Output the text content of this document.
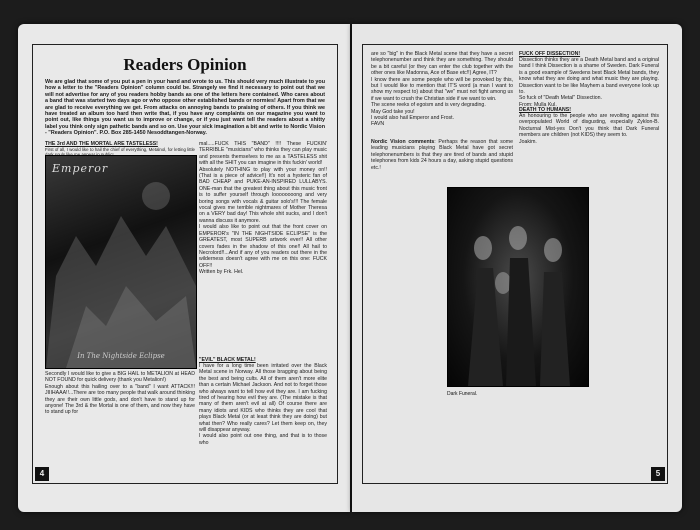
Readers Opinion
We are glad that some of you put a pen in your hand and wrote to us. This should very much illustrate to you how a letter to the "Readers Opinion" column could be. Strangely we find it necessary to point out that we will not advertise for any of you readers hobby bands as one of the letters here contained. Who cares about a band that was started two days ago or who oppose other established bands or normies! Apart from that we are glad to receive everything we get. From attacks on annoying bands to praising of others. If you think we have treated an album too hard then write that, if you have any complaints on our magazine you want to point out, like things you want us to improve or change, or if you just want tell the readers about a shitty label you think only sign pathetic bands and so on. Use your sick imagination a bit and write to Nordic Vision - "Readers Opinion". P.O. Box 285-1450 Nesoddtangen-Norway.
THE 3rd AND THE MORTAL ARE TASTELESS!
First of all, I would like to hail the chief of everything, Metalnol, for letting little
Emperor
In The Nightside Eclipse
mal.....FUCK THIS "BAND" !!!! These FUCKIN' TERRIBLE "musicians" who thinks they can play music and presents themselves to me as a TASTELESS shit with all the SHIT you can imagine in this fuckin' world!
Absolutely NOTHING to play with your money on!! (That is a piece of advice!!) It's not a hysteric fan of BAD CHEAP and PUKE-AN-INSPIRED LULLABYS. ONE-man that the greatest thing about this music front is to suffer yourself through loooooooong and very boring songs with vocals & guitar solo's!!! The female vocal gives me terrible nightmares of Mother Theresa on a VERY bad day! This whole shit sucks, and I don't wanna discuss it anymore.
I would also like to point out that the front cover on EMPEROR's "IN THE NIGHTSIDE ECLIPSE" is the GREATEST, most SUPERB artwork ever!! All other covers fades in the shadow of this one!! All hail to Necrolord!!...And if any of you readers out there in the wilderness doesn't agree with me on this one: FUCK OFF!!
Written by Frk. Hel.
"EVIL" BLACK METAL!
I have for a long time been irritated over the Black Metal scene in Norway. All those bragging about being the best and being cults. All of them aren't more elite than a certain Michael Jackson. And not to forget those who always want to tell how evil they are. I am fucking tired of hearing how evil they are. (The mistake is that many of them aren't evil at all) Of course there are many idiots and KIDS who thinks they are cool that plays Black Metal (or at least think they are doing) but what then? Who really cares? Let them keep on, they will disappear anyway.
I would also point out one thing, and that is to those who
Secondly I would like to give a BIG HAIL to METALION at HEAD NOT FOUND for quick delivery (thank you Metalion!)
Enough about this hailing over to a "band" I want ATTACK!!! JIIIHAAA!!...There are too many people that walk around thinking they are their own little gods, and don't have to stand up for anyone! The 3rd & the Mortal is one of them, and now they have to stand up for
4
are so "big" in the Black Metal scene that they have a secret telephonenumber and think they are something. They should be a bit careful (or they can enter the club together with the other ones like Madonna, Ace of Base etc!!) Agree, IT?
I know there are some people who will be provoked by this, but I would like to mention that IT'S word (a man I want to show my respect to) about that "we" must not fight among us if we want to crush the Christian side if we want to win.
The scene reeks of egoism and is very degrading.
May God take you!
I would also hail Emperor and Frost.
FAVN
Nordic Vision comments: Perhaps the reason that some leading musicians playing Black Metal have got secret telephonenumbers is that they are tired of bands and stupid telephones from kids 24 hours a day, asking stupid questions etc.!
FUCK OFF DISSECTION!
Dissection thinks they are a Death Metal band and a original band I think Dissection is a shame of Sweden. Dark Funeral is a good example of Swedens best Black Metal bands, they know what they are doing and what music they are playing. Dissection want to be like Mayhem a band everyone look up to.
So fuck of "Death Metal" Dissection.
From: Mulla Kul.
DEATH TO HUMANS!
An honouring to the people who are revolting against this overpopulated World of disgusting, especially Zyklon-B. Nocturnal Mist-yes Don't you think that Dark Funeral members are children (not KIDS) they seem to.
Joakim.
Dark Funeral.
5
